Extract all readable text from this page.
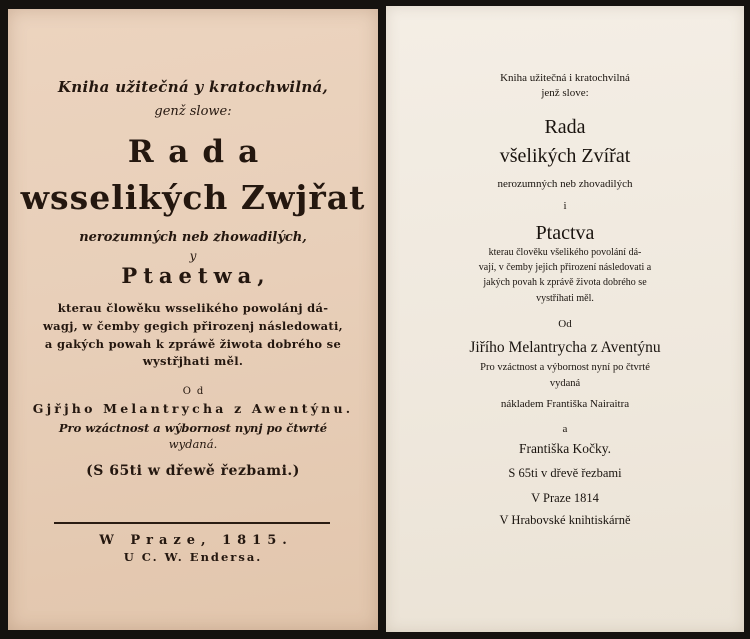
Kniha užitečná y kratochwilná,
genž slowe:
Rada
wsselikých Zwjřat
nerozumných neb zhowadilých,
y
Ptaetwa,
kterau člowěku wsselikého powolánj dá-
wagj, w čemby gegich přirozenj následowati,
a gakých powah k zpráwě žiwota dobrého se
wystřjhati měl.
Od
Gjřjho Melantrycha z Awentýnu.
Pro wzáctnost a wýbornost nynj po čtwrté
wydaná.
(S 65ti w dřewě řezbami.)
W Praze, 1815.
U C. W. Endersa.
Kniha užitečná i kratochvilná
jenž slove:
Rada
všelikých Zvířat
nerozumných neb zhovadilých
i
Ptactva
kterau člověku všelikého povolání dá-
vají, v čemby jejich přirození následovati a
jakých povah k zprávě života dobrého se
vystříhati měl.
Od
Jiřího Melantrycha z Aventýnu
Pro vzáctnost a výbornost nyní po čtvrté
vydaná
nákladem Františka Nairaitra
a
Františka Kočky.
S 65ti v dřevě řezbami
V Praze 1814
V Hrabovské knihtiskárně
